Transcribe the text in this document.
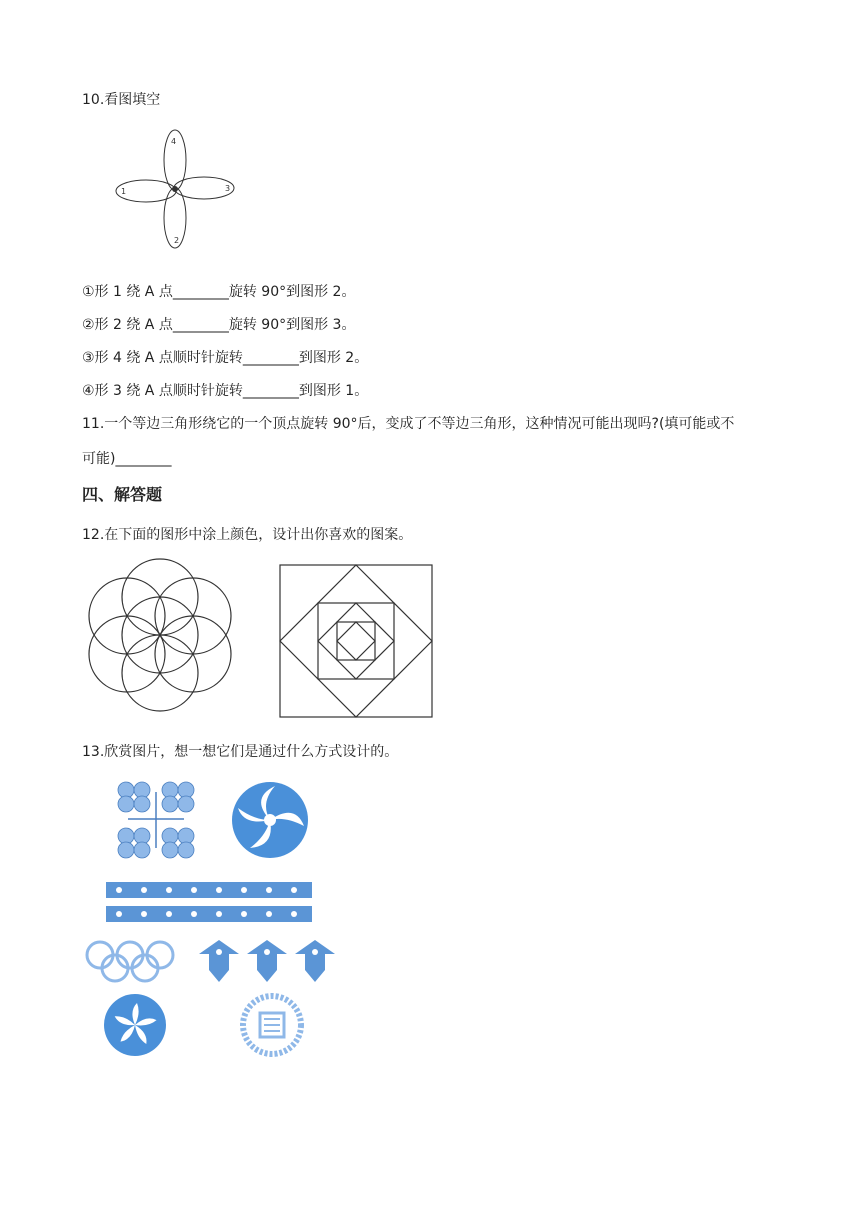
10.看图填空
4
1	3
2
①形 1 绕 A 点________旋转 90°到图形 2。
②形 2 绕 A 点________旋转 90°到图形 3。
③形 4 绕 A 点顺时针旋转________到图形 2。
④形 3 绕 A 点顺时针旋转________到图形 1。
11.一个等边三角形绕它的一个顶点旋转 90°后，变成了不等边三角形，这种情况可能出现吗?(填可能或不
可能)________
四、解答题
12.在下面的图形中涂上颜色，设计出你喜欢的图案。
13.欣赏图片，想一想它们是通过什么方式设计的。
